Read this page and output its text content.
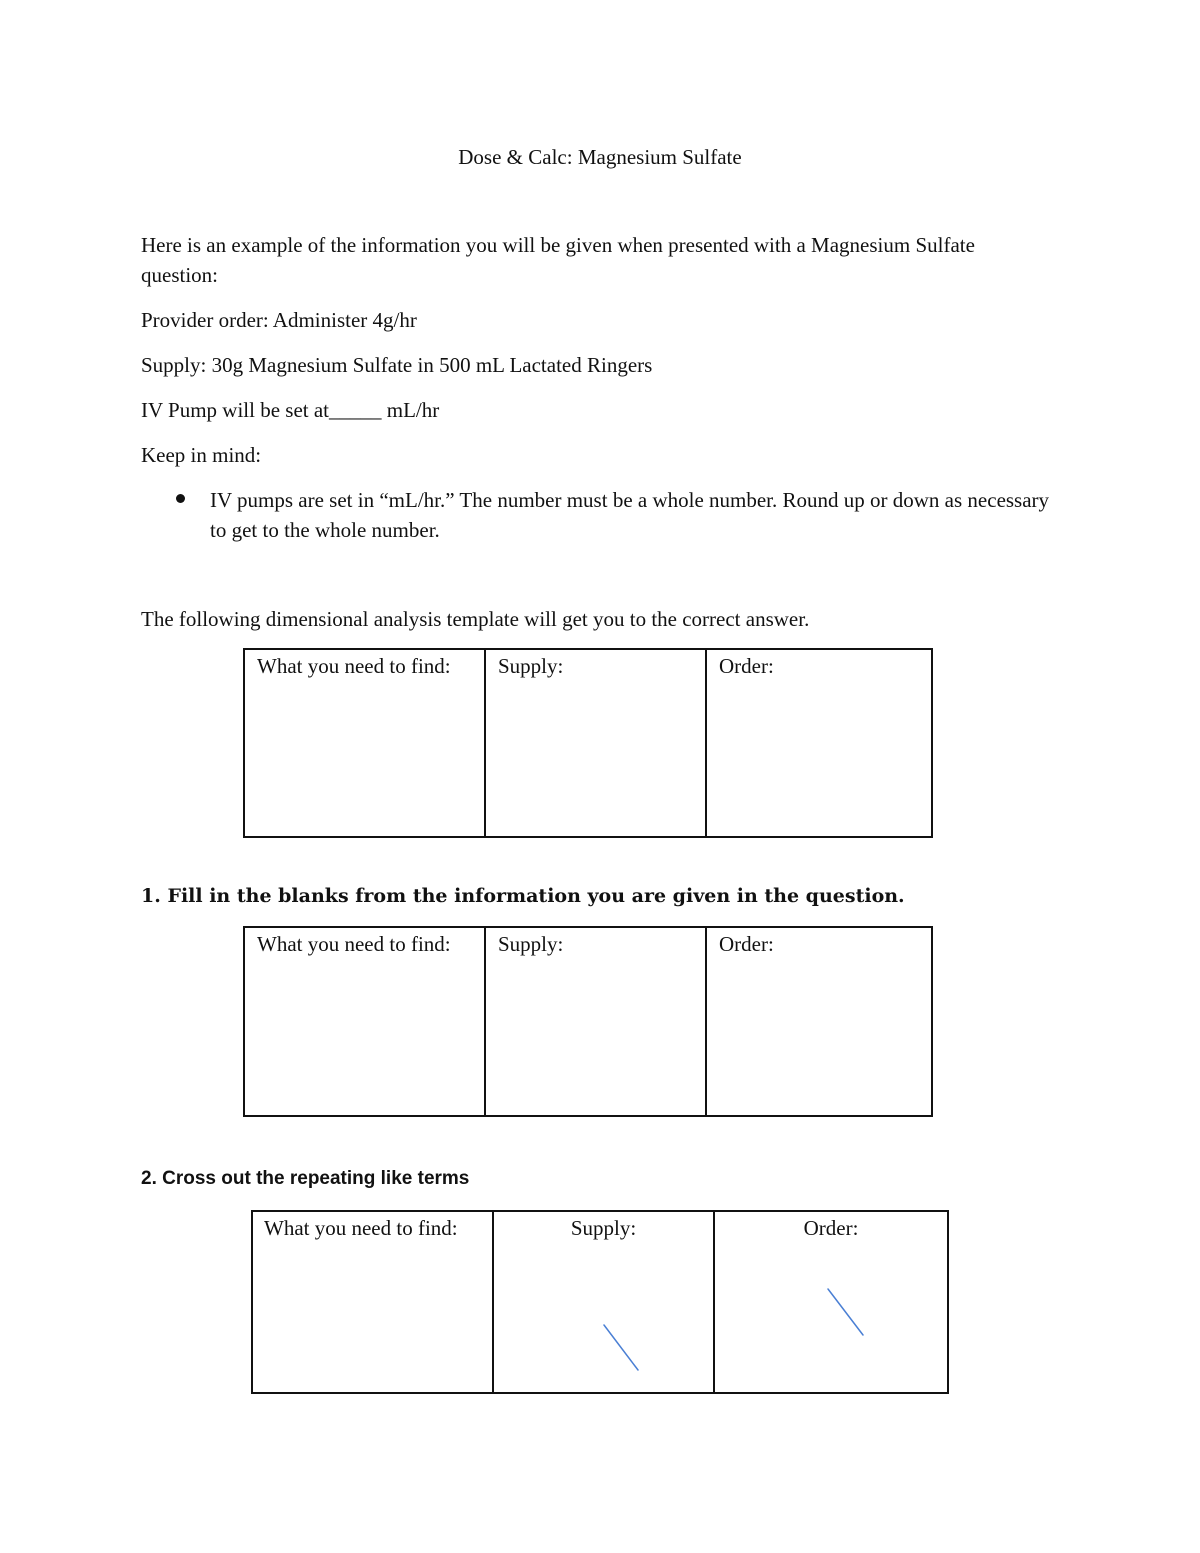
Dose & Calc: Magnesium Sulfate
Here is an example of the information you will be given when presented with a Magnesium Sulfate question:
Provider order: Administer 4g/hr
Supply: 30g Magnesium Sulfate in 500 mL Lactated Ringers
IV Pump will be set at_____ mL/hr
Keep in mind:
IV pumps are set in “mL/hr.” The number must be a whole number. Round up or down as necessary to get to the whole number.
The following dimensional analysis template will get you to the correct answer.
What you need to find:	Supply:	Order:
1. Fill in the blanks from the information you are given in the question.
What you need to find:	Supply:	Order:
2. Cross out the repeating like terms
What you need to find:	Supply:	Order:
